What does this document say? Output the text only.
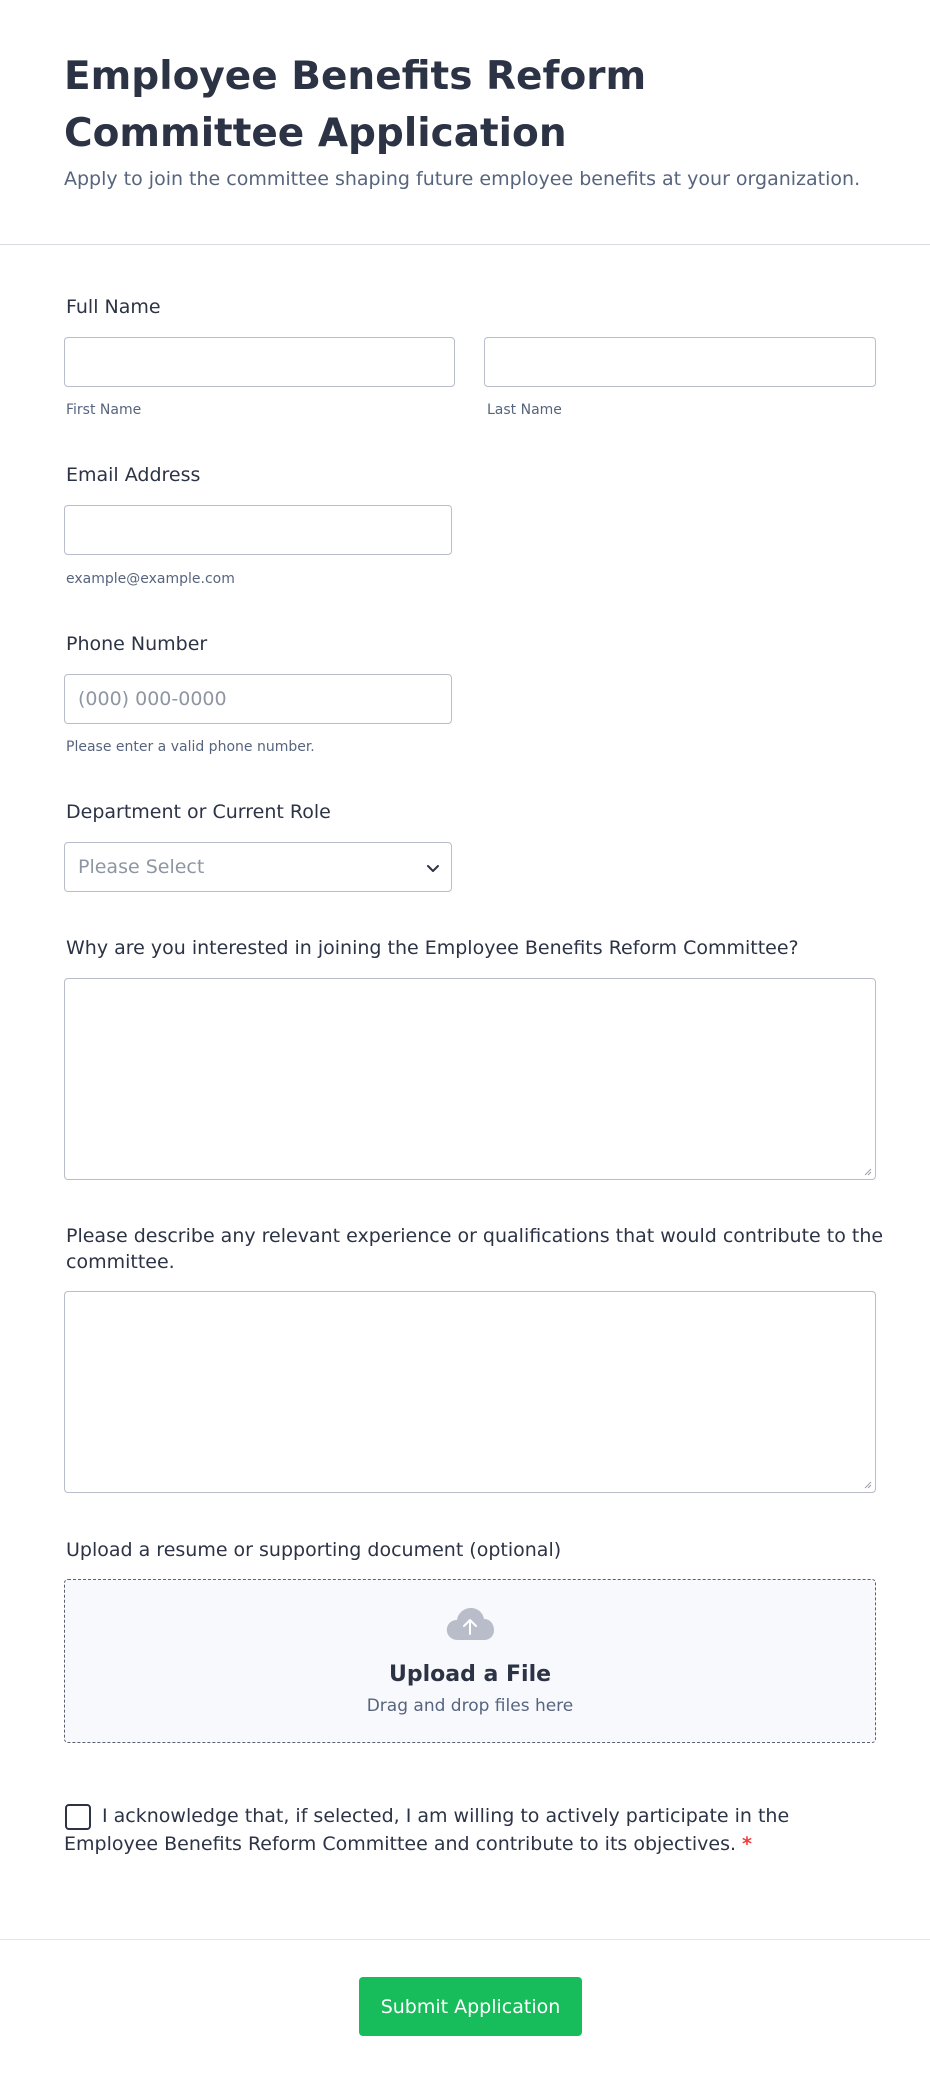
Employee Benefits Reform Committee Application

Apply to join the committee shaping future employee benefits at your organization.

Full Name
First Name	Last Name
Email Address
example@example.com
Phone Number
(000) 000-0000
Please enter a valid phone number.
Department or Current Role
Please Select
Why are you interested in joining the Employee Benefits Reform Committee?
Please describe any relevant experience or qualifications that would contribute to the committee.
Upload a resume or supporting document (optional)
Upload a File
Drag and drop files here

I acknowledge that, if selected, I am willing to actively participate in the Employee Benefits Reform Committee and contribute to its objectives. *

Submit Application
